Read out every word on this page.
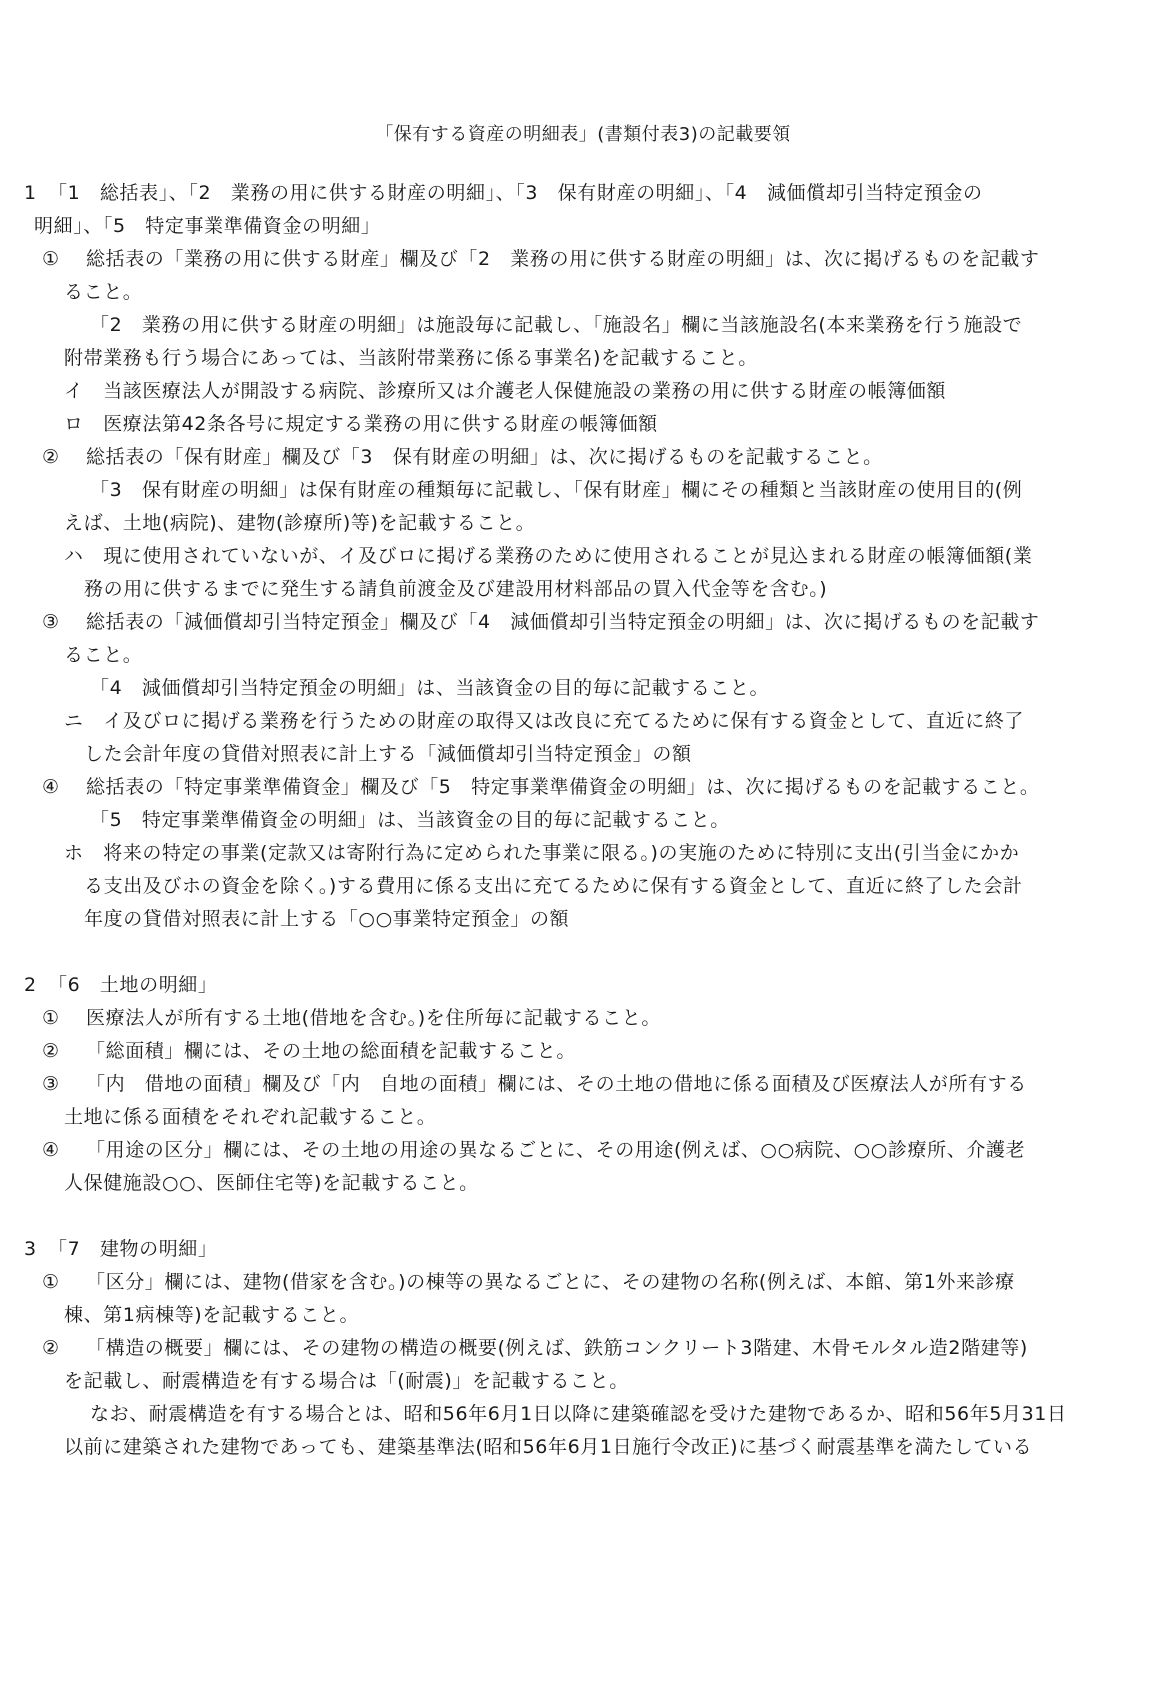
「保有する資産の明細表」(書類付表3)の記載要領
1 「1　総括表」、「2　業務の用に供する財産の明細」、「3　保有財産の明細」、「4　減価償却引当特定預金の
明細」、「5　特定事業準備資金の明細」
① 総括表の「業務の用に供する財産」欄及び「2　業務の用に供する財産の明細」は、次に掲げるものを記載す
ること。
「2　業務の用に供する財産の明細」は施設毎に記載し、「施設名」欄に当該施設名(本来業務を行う施設で
附帯業務も行う場合にあっては、当該附帯業務に係る事業名)を記載すること。
イ　当該医療法人が開設する病院、診療所又は介護老人保健施設の業務の用に供する財産の帳簿価額
ロ　医療法第42条各号に規定する業務の用に供する財産の帳簿価額
② 総括表の「保有財産」欄及び「3　保有財産の明細」は、次に掲げるものを記載すること。
「3　保有財産の明細」は保有財産の種類毎に記載し、「保有財産」欄にその種類と当該財産の使用目的(例
えば、土地(病院)、建物(診療所)等)を記載すること。
ハ　現に使用されていないが、イ及びロに掲げる業務のために使用されることが見込まれる財産の帳簿価額(業
務の用に供するまでに発生する請負前渡金及び建設用材料部品の買入代金等を含む。)
③ 総括表の「減価償却引当特定預金」欄及び「4　減価償却引当特定預金の明細」は、次に掲げるものを記載す
ること。
「4　減価償却引当特定預金の明細」は、当該資金の目的毎に記載すること。
ニ　イ及びロに掲げる業務を行うための財産の取得又は改良に充てるために保有する資金として、直近に終了
した会計年度の貸借対照表に計上する「減価償却引当特定預金」の額
④ 総括表の「特定事業準備資金」欄及び「5　特定事業準備資金の明細」は、次に掲げるものを記載すること。
「5　特定事業準備資金の明細」は、当該資金の目的毎に記載すること。
ホ　将来の特定の事業(定款又は寄附行為に定められた事業に限る。)の実施のために特別に支出(引当金にかか
る支出及びホの資金を除く。)する費用に係る支出に充てるために保有する資金として、直近に終了した会計
年度の貸借対照表に計上する「○○事業特定預金」の額
2 「6　土地の明細」
① 医療法人が所有する土地(借地を含む。)を住所毎に記載すること。
② 「総面積」欄には、その土地の総面積を記載すること。
③ 「内　借地の面積」欄及び「内　自地の面積」欄には、その土地の借地に係る面積及び医療法人が所有する
土地に係る面積をそれぞれ記載すること。
④ 「用途の区分」欄には、その土地の用途の異なるごとに、その用途(例えば、○○病院、○○診療所、介護老
人保健施設○○、医師住宅等)を記載すること。
3 「7　建物の明細」
① 「区分」欄には、建物(借家を含む。)の棟等の異なるごとに、その建物の名称(例えば、本館、第1外来診療
棟、第1病棟等)を記載すること。
② 「構造の概要」欄には、その建物の構造の概要(例えば、鉄筋コンクリート3階建、木骨モルタル造2階建等)
を記載し、耐震構造を有する場合は「(耐震)」を記載すること。
なお、耐震構造を有する場合とは、昭和56年6月1日以降に建築確認を受けた建物であるか、昭和56年5月31日
以前に建築された建物であっても、建築基準法(昭和56年6月1日施行令改正)に基づく耐震基準を満たしている
